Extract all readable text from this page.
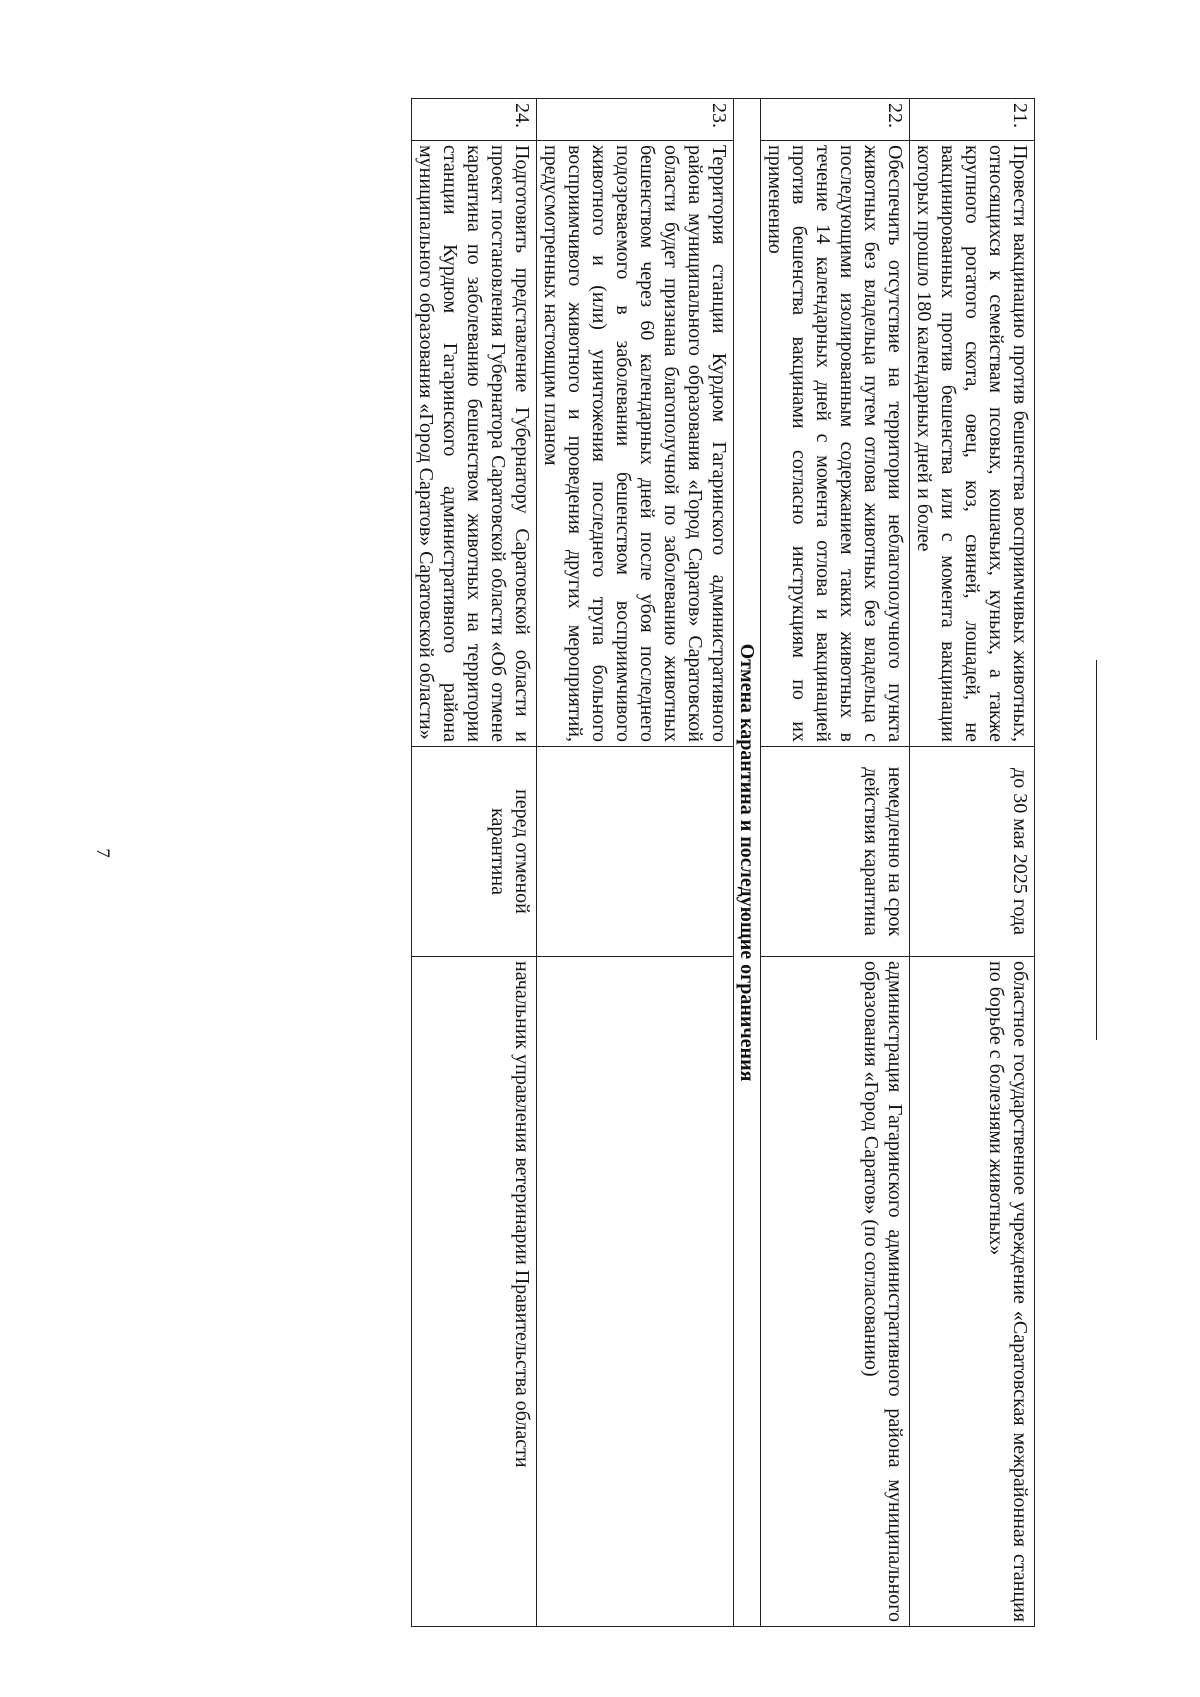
7
21.	Провести вакцинацию против бешенства восприимчивых животных, относящихся к семействам псовых, кошачьих, куньих, а также крупного рогатого скота, овец, коз, свиней, лошадей, не вакцинированных против бешенства или с момента вакцинации которых прошло 180 календарных дней и более	до 30 мая 2025 года	областное государственное учреждение «Саратовская межрайонная станция по борьбе с болезнями животных»
22.	Обеспечить отсутствие на территории неблагополучного пункта животных без владельца путем отлова животных без владельца с последующими изолированным содержанием таких животных в течение 14 календарных дней с момента отлова и вакцинацией против бешенства вакцинами согласно инструкциям по их применению	немедленно на срок действия карантина	администрация Гагаринского административного района муниципального образования «Город Саратов» (по согласованию)
Отмена карантина и последующие ограничения			
23.	Территория станции Курдюм Гагаринского административного района муниципального образования «Город Саратов» Саратовской области будет признана благополучной по заболеванию животных бешенством через 60 календарных дней после убоя последнего подозреваемого в заболевании бешенством восприимчивого животного и (или) уничтожения последнего трупа больного восприимчивого животного и проведения других мероприятий, предусмотренных настоящим планом		
24.	Подготовить представление Губернатору Саратовской области и проект постановления Губернатора Саратовской области «Об отмене карантина по заболеванию бешенством животных на территории станции Курдюм Гагаринского административного района муниципального образования «Город Саратов» Саратовской области»	перед отменой карантина	начальник управления ветеринарии Правительства области
